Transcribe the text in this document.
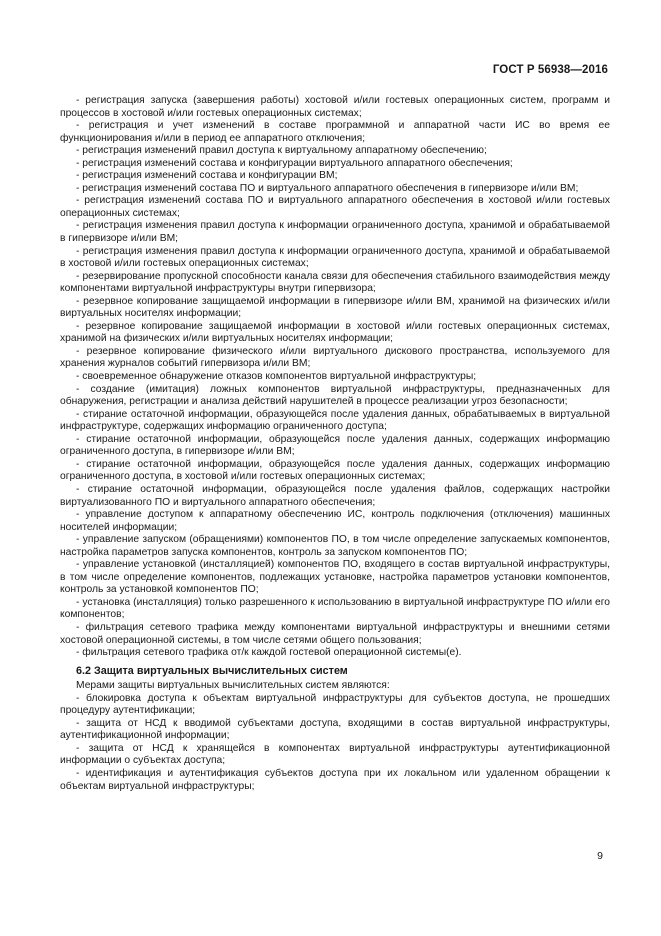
ГОСТ Р 56938—2016

- регистрация запуска (завершения работы) хостовой и/или гостевых операционных систем, программ и процессов в хостовой и/или гостевых операционных системах;

- регистрация и учет изменений в составе программной и аппаратной части ИС во время ее функционирования и/или в период ее аппаратного отключения;

- регистрация изменений правил доступа к виртуальному аппаратному обеспечению;

- регистрация изменений состава и конфигурации виртуального аппаратного обеспечения;

- регистрация изменений состава и конфигурации ВМ;

- регистрация изменений состава ПО и виртуального аппаратного обеспечения в гипервизоре и/или ВМ;

- регистрация изменений состава ПО и виртуального аппаратного обеспечения в хостовой и/или гостевых операционных системах;

- регистрация изменения правил доступа к информации ограниченного доступа, хранимой и обрабатываемой в гипервизоре и/или ВМ;

- регистрация изменения правил доступа к информации ограниченного доступа, хранимой и обрабатываемой в хостовой и/или гостевых операционных системах;

- резервирование пропускной способности канала связи для обеспечения стабильного взаимодействия между компонентами виртуальной инфраструктуры внутри гипервизора;

- резервное копирование защищаемой информации в гипервизоре и/или ВМ, хранимой на физических и/или виртуальных носителях информации;

- резервное копирование защищаемой информации в хостовой и/или гостевых операционных системах, хранимой на физических и/или виртуальных носителях информации;

- резервное копирование физического и/или виртуального дискового пространства, используемого для хранения журналов событий гипервизора и/или ВМ;

- своевременное обнаружение отказов компонентов виртуальной инфраструктуры;

- создание (имитация) ложных компонентов виртуальной инфраструктуры, предназначенных для обнаружения, регистрации и анализа действий нарушителей в процессе реализации угроз безопасности;

- стирание остаточной информации, образующейся после удаления данных, обрабатываемых в виртуальной инфраструктуре, содержащих информацию ограниченного доступа;

- стирание остаточной информации, образующейся после удаления данных, содержащих информацию ограниченного доступа, в гипервизоре и/или ВМ;

- стирание остаточной информации, образующейся после удаления данных, содержащих информацию ограниченного доступа, в хостовой и/или гостевых операционных системах;

- стирание остаточной информации, образующейся после удаления файлов, содержащих настройки виртуализованного ПО и виртуального аппаратного обеспечения;

- управление доступом к аппаратному обеспечению ИС, контроль подключения (отключения) машинных носителей информации;

- управление запуском (обращениями) компонентов ПО, в том числе определение запускаемых компонентов, настройка параметров запуска компонентов, контроль за запуском компонентов ПО;

- управление установкой (инсталляцией) компонентов ПО, входящего в состав виртуальной инфраструктуры, в том числе определение компонентов, подлежащих установке, настройка параметров установки компонентов, контроль за установкой компонентов ПО;

- установка (инсталляция) только разрешенного к использованию в виртуальной инфраструктуре ПО и/или его компонентов;

- фильтрация сетевого трафика между компонентами виртуальной инфраструктуры и внешними сетями хостовой операционной системы, в том числе сетями общего пользования;

- фильтрация сетевого трафика от/к каждой гостевой операционной системы(е).

6.2 Защита виртуальных вычислительных систем

Мерами защиты виртуальных вычислительных систем являются:

- блокировка доступа к объектам виртуальной инфраструктуры для субъектов доступа, не прошедших процедуру аутентификации;

- защита от НСД к вводимой субъектами доступа, входящими в состав виртуальной инфраструктуры, аутентификационной информации;

- защита от НСД к хранящейся в компонентах виртуальной инфраструктуры аутентификационной информации о субъектах доступа;

- идентификация и аутентификация субъектов доступа при их локальном или удаленном обращении к объектам виртуальной инфраструктуры;

9
